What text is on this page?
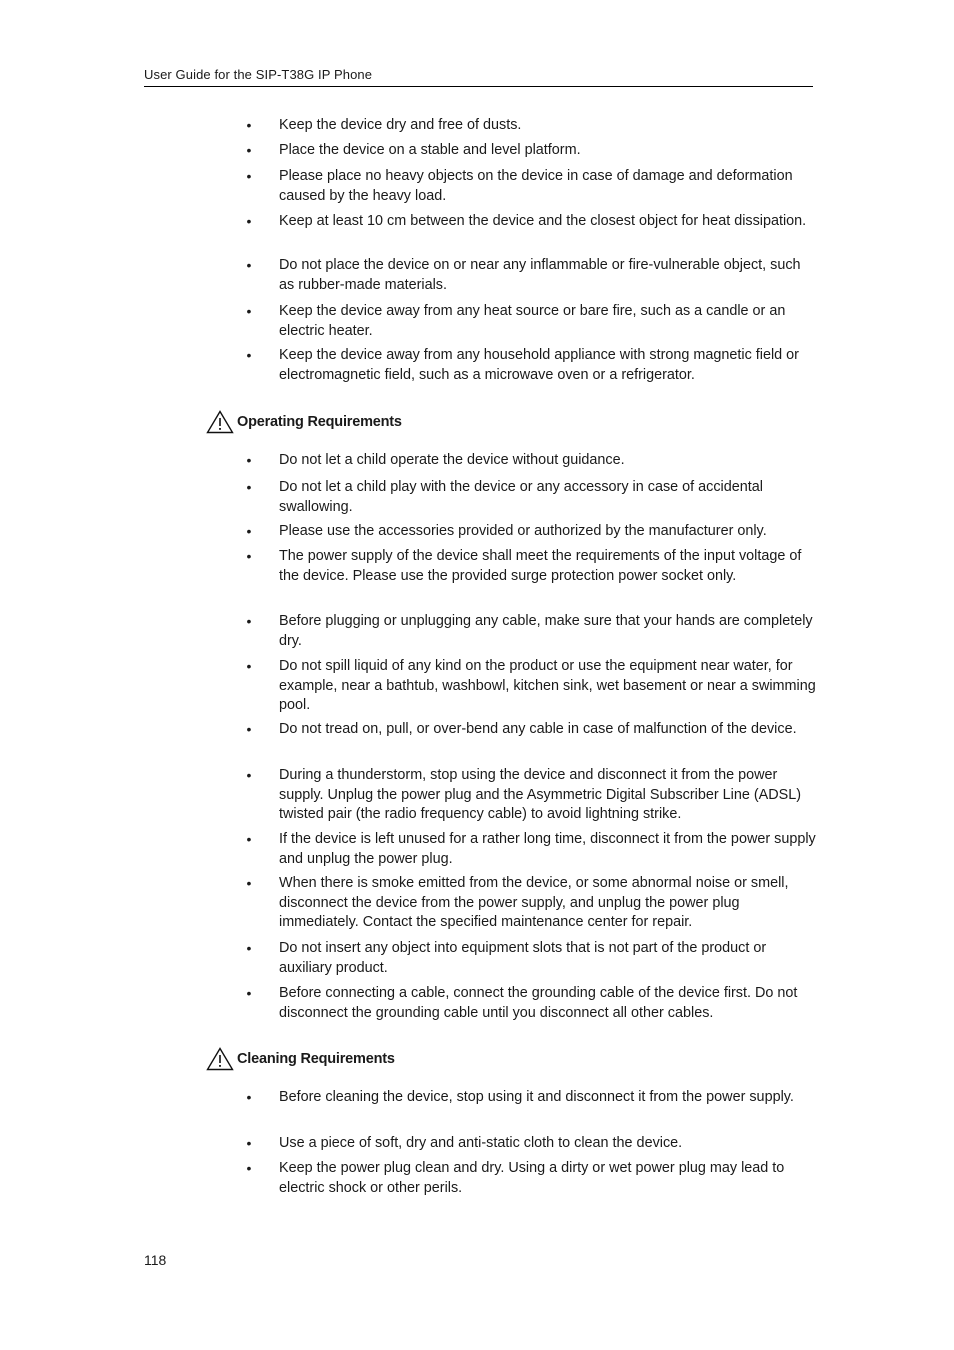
User Guide for the SIP-T38G IP Phone
• Keep the device dry and free of dusts.
• Place the device on a stable and level platform.
• Please place no heavy objects on the device in case of damage and deformation caused by the heavy load.
• Keep at least 10 cm between the device and the closest object for heat dissipation.
• Do not place the device on or near any inflammable or fire-vulnerable object, such as rubber-made materials.
• Keep the device away from any heat source or bare fire, such as a candle or an electric heater.
• Keep the device away from any household appliance with strong magnetic field or electromagnetic field, such as a microwave oven or a refrigerator.
Operating Requirements
• Do not let a child operate the device without guidance.
• Do not let a child play with the device or any accessory in case of accidental swallowing.
• Please use the accessories provided or authorized by the manufacturer only.
• The power supply of the device shall meet the requirements of the input voltage of the device. Please use the provided surge protection power socket only.
• Before plugging or unplugging any cable, make sure that your hands are completely dry.
• Do not spill liquid of any kind on the product or use the equipment near water, for example, near a bathtub, washbowl, kitchen sink, wet basement or near a swimming pool.
• Do not tread on, pull, or over-bend any cable in case of malfunction of the device.
• During a thunderstorm, stop using the device and disconnect it from the power supply. Unplug the power plug and the Asymmetric Digital Subscriber Line (ADSL) twisted pair (the radio frequency cable) to avoid lightning strike.
• If the device is left unused for a rather long time, disconnect it from the power supply and unplug the power plug.
• When there is smoke emitted from the device, or some abnormal noise or smell, disconnect the device from the power supply, and unplug the power plug immediately. Contact the specified maintenance center for repair.
• Do not insert any object into equipment slots that is not part of the product or auxiliary product.
• Before connecting a cable, connect the grounding cable of the device first. Do not disconnect the grounding cable until you disconnect all other cables.
Cleaning Requirements
• Before cleaning the device, stop using it and disconnect it from the power supply.
• Use a piece of soft, dry and anti-static cloth to clean the device.
• Keep the power plug clean and dry. Using a dirty or wet power plug may lead to electric shock or other perils.
118
